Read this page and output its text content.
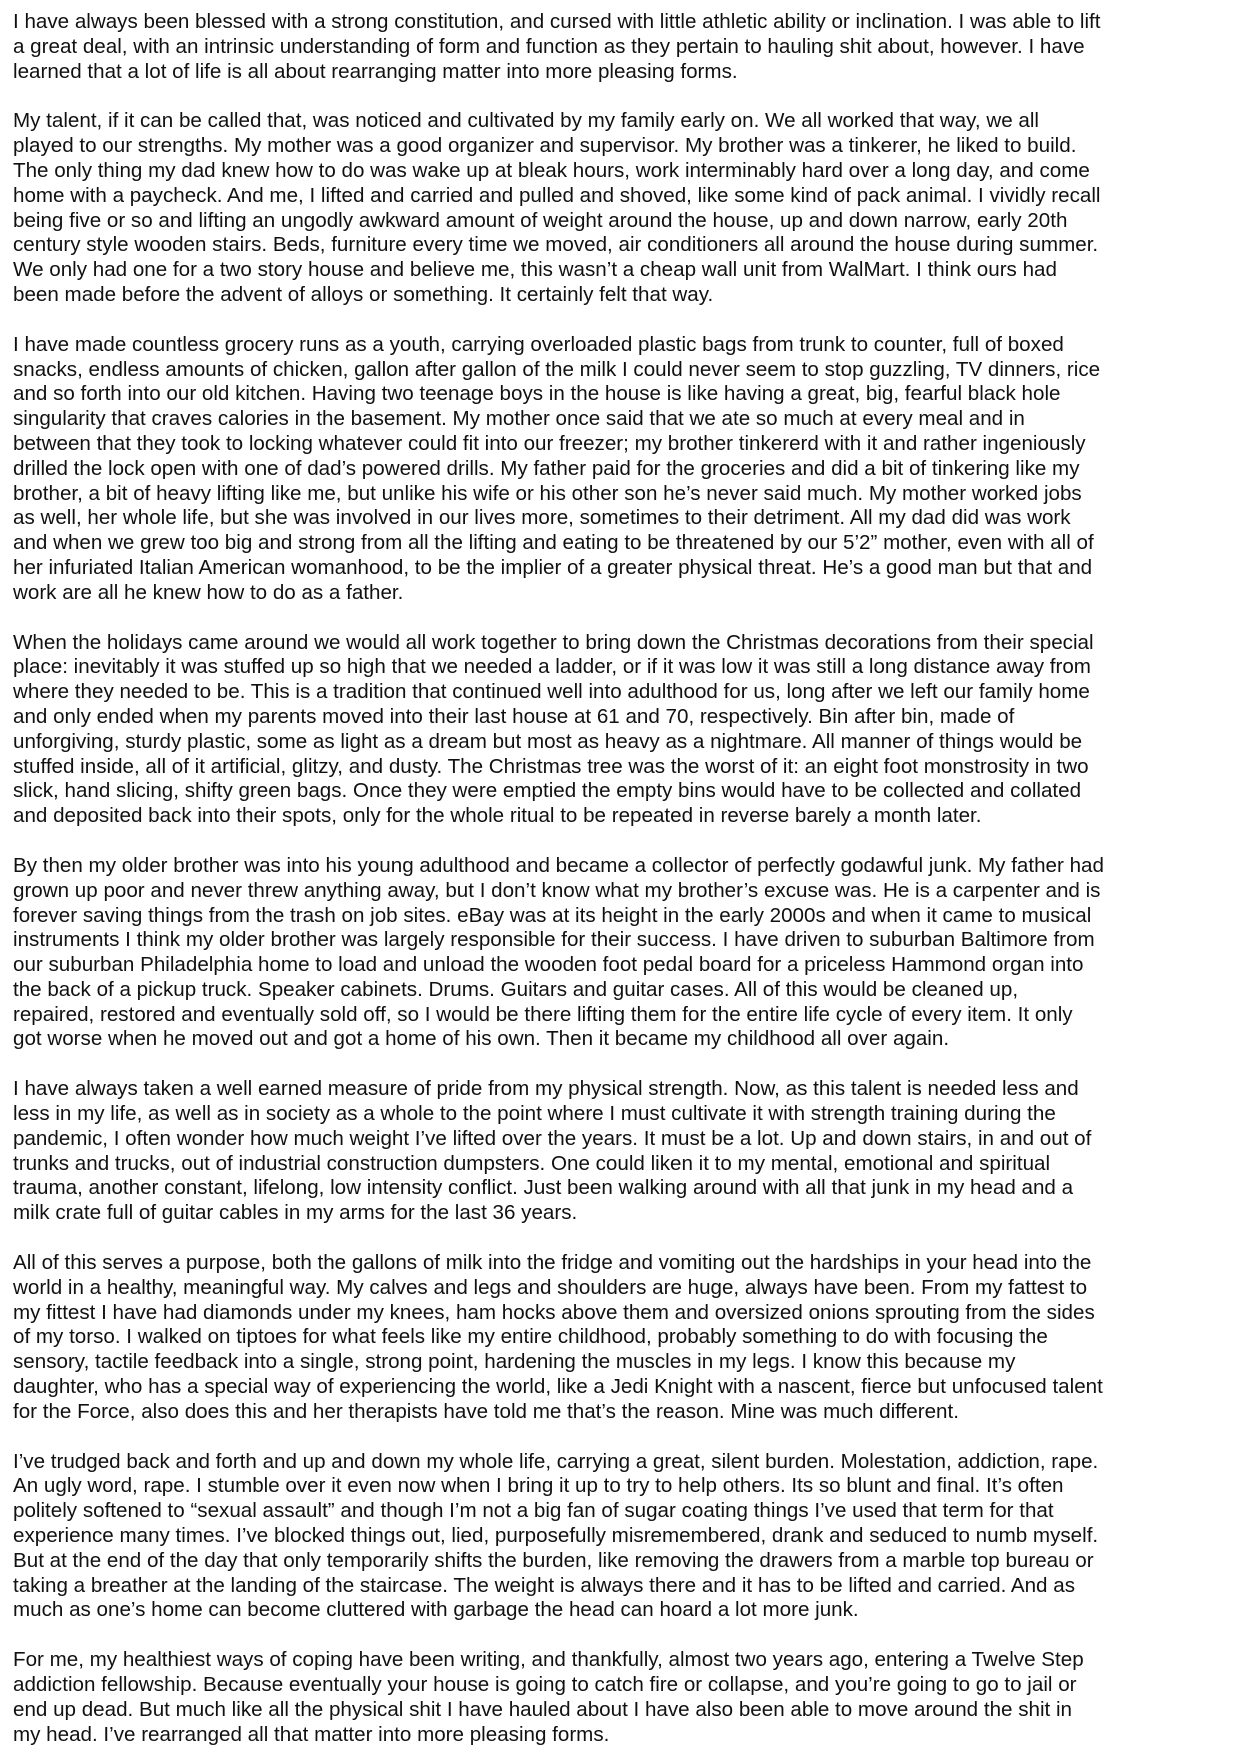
I have always been blessed with a strong constitution, and cursed with little athletic ability or inclination. I was able to lift
a great deal, with an intrinsic understanding of form and function as they pertain to hauling shit about, however. I have
learned that a lot of life is all about rearranging matter into more pleasing forms.

My talent, if it can be called that, was noticed and cultivated by my family early on. We all worked that way, we all
played to our strengths. My mother was a good organizer and supervisor. My brother was a tinkerer, he liked to build.
The only thing my dad knew how to do was wake up at bleak hours, work interminably hard over a long day, and come
home with a paycheck. And me, I lifted and carried and pulled and shoved, like some kind of pack animal. I vividly recall
being five or so and lifting an ungodly awkward amount of weight around the house, up and down narrow, early 20th
century style wooden stairs. Beds, furniture every time we moved, air conditioners all around the house during summer.
We only had one for a two story house and believe me, this wasn’t a cheap wall unit from WalMart. I think ours had
been made before the advent of alloys or something. It certainly felt that way.

I have made countless grocery runs as a youth, carrying overloaded plastic bags from trunk to counter, full of boxed
snacks, endless amounts of chicken, gallon after gallon of the milk I could never seem to stop guzzling, TV dinners, rice
and so forth into our old kitchen. Having two teenage boys in the house is like having a great, big, fearful black hole
singularity that craves calories in the basement. My mother once said that we ate so much at every meal and in
between that they took to locking whatever could fit into our freezer; my brother tinkererd with it and rather ingeniously
drilled the lock open with one of dad’s powered drills. My father paid for the groceries and did a bit of tinkering like my
brother, a bit of heavy lifting like me, but unlike his wife or his other son he’s never said much. My mother worked jobs
as well, her whole life, but she was involved in our lives more, sometimes to their detriment. All my dad did was work
and when we grew too big and strong from all the lifting and eating to be threatened by our 5’2” mother, even with all of
her infuriated Italian American womanhood, to be the implier of a greater physical threat. He’s a good man but that and
work are all he knew how to do as a father.

When the holidays came around we would all work together to bring down the Christmas decorations from their special
place: inevitably it was stuffed up so high that we needed a ladder, or if it was low it was still a long distance away from
where they needed to be. This is a tradition that continued well into adulthood for us, long after we left our family home
and only ended when my parents moved into their last house at 61 and 70, respectively. Bin after bin, made of
unforgiving, sturdy plastic, some as light as a dream but most as heavy as a nightmare. All manner of things would be
stuffed inside, all of it artificial, glitzy, and dusty. The Christmas tree was the worst of it: an eight foot monstrosity in two
slick, hand slicing, shifty green bags. Once they were emptied the empty bins would have to be collected and collated
and deposited back into their spots, only for the whole ritual to be repeated in reverse barely a month later.

By then my older brother was into his young adulthood and became a collector of perfectly godawful junk. My father had
grown up poor and never threw anything away, but I don’t know what my brother’s excuse was. He is a carpenter and is
forever saving things from the trash on job sites. eBay was at its height in the early 2000s and when it came to musical
instruments I think my older brother was largely responsible for their success. I have driven to suburban Baltimore from
our suburban Philadelphia home to load and unload the wooden foot pedal board for a priceless Hammond organ into
the back of a pickup truck. Speaker cabinets. Drums. Guitars and guitar cases. All of this would be cleaned up,
repaired, restored and eventually sold off, so I would be there lifting them for the entire life cycle of every item. It only
got worse when he moved out and got a home of his own. Then it became my childhood all over again.

I have always taken a well earned measure of pride from my physical strength. Now, as this talent is needed less and
less in my life, as well as in society as a whole to the point where I must cultivate it with strength training during the
pandemic, I often wonder how much weight I’ve lifted over the years. It must be a lot. Up and down stairs, in and out of
trunks and trucks, out of industrial construction dumpsters. One could liken it to my mental, emotional and spiritual
trauma, another constant, lifelong, low intensity conflict. Just been walking around with all that junk in my head and a
milk crate full of guitar cables in my arms for the last 36 years.

All of this serves a purpose, both the gallons of milk into the fridge and vomiting out the hardships in your head into the
world in a healthy, meaningful way. My calves and legs and shoulders are huge, always have been. From my fattest to
my fittest I have had diamonds under my knees, ham hocks above them and oversized onions sprouting from the sides
of my torso. I walked on tiptoes for what feels like my entire childhood, probably something to do with focusing the
sensory, tactile feedback into a single, strong point, hardening the muscles in my legs. I know this because my
daughter, who has a special way of experiencing the world, like a Jedi Knight with a nascent, fierce but unfocused talent
for the Force, also does this and her therapists have told me that’s the reason. Mine was much different.

I’ve trudged back and forth and up and down my whole life, carrying a great, silent burden. Molestation, addiction, rape.
An ugly word, rape. I stumble over it even now when I bring it up to try to help others. Its so blunt and final. It’s often
politely softened to “sexual assault” and though I’m not a big fan of sugar coating things I’ve used that term for that
experience many times. I’ve blocked things out, lied, purposefully misremembered, drank and seduced to numb myself.
But at the end of the day that only temporarily shifts the burden, like removing the drawers from a marble top bureau or
taking a breather at the landing of the staircase. The weight is always there and it has to be lifted and carried. And as
much as one’s home can become cluttered with garbage the head can hoard a lot more junk.

For me, my healthiest ways of coping have been writing, and thankfully, almost two years ago, entering a Twelve Step
addiction fellowship. Because eventually your house is going to catch fire or collapse, and you’re going to go to jail or
end up dead. But much like all the physical shit I have hauled about I have also been able to move around the shit in
my head. I’ve rearranged all that matter into more pleasing forms.
